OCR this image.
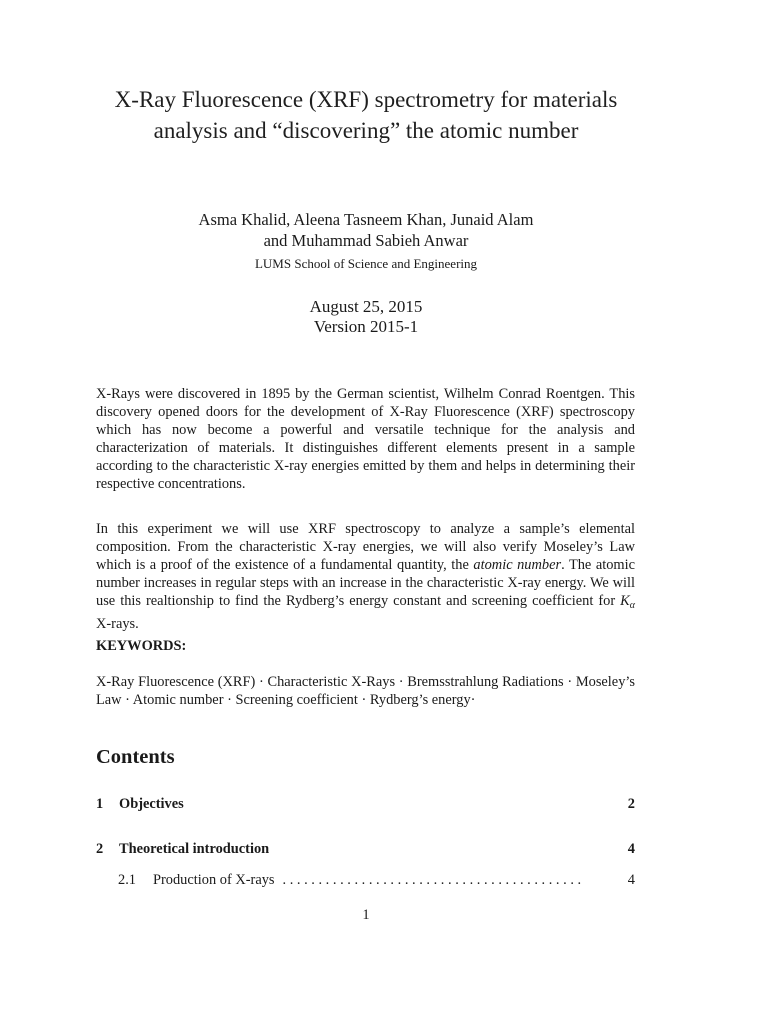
X-Ray Fluorescence (XRF) spectrometry for materials analysis and “discovering” the atomic number
Asma Khalid, Aleena Tasneem Khan, Junaid Alam
and Muhammad Sabieh Anwar
LUMS School of Science and Engineering
August 25, 2015
Version 2015-1
X-Rays were discovered in 1895 by the German scientist, Wilhelm Conrad Roentgen. This discovery opened doors for the development of X-Ray Fluorescence (XRF) spectroscopy which has now become a powerful and versatile technique for the analysis and characterization of materials. It distinguishes different elements present in a sample according to the characteristic X-ray energies emitted by them and helps in determining their respective concentrations.
In this experiment we will use XRF spectroscopy to analyze a sample’s elemental composition. From the characteristic X-ray energies, we will also verify Moseley’s Law which is a proof of the existence of a fundamental quantity, the atomic number. The atomic number increases in regular steps with an increase in the characteristic X-ray energy. We will use this realtionship to find the Rydberg’s energy constant and screening coefficient for $K_\alpha$ X-rays.
KEYWORDS:
X-Ray Fluorescence (XRF) · Characteristic X-Rays · Bremsstrahlung Radiations · Moseley’s Law · Atomic number · Screening coefficient · Rydberg’s energy·
Contents
1	Objectives	2
2	Theoretical introduction	4
2.1	Production of X-rays . . . . . . . . . . . . . . . . . . . . . . . . . . . . . . . . . . . . . . . . . .	4
1
